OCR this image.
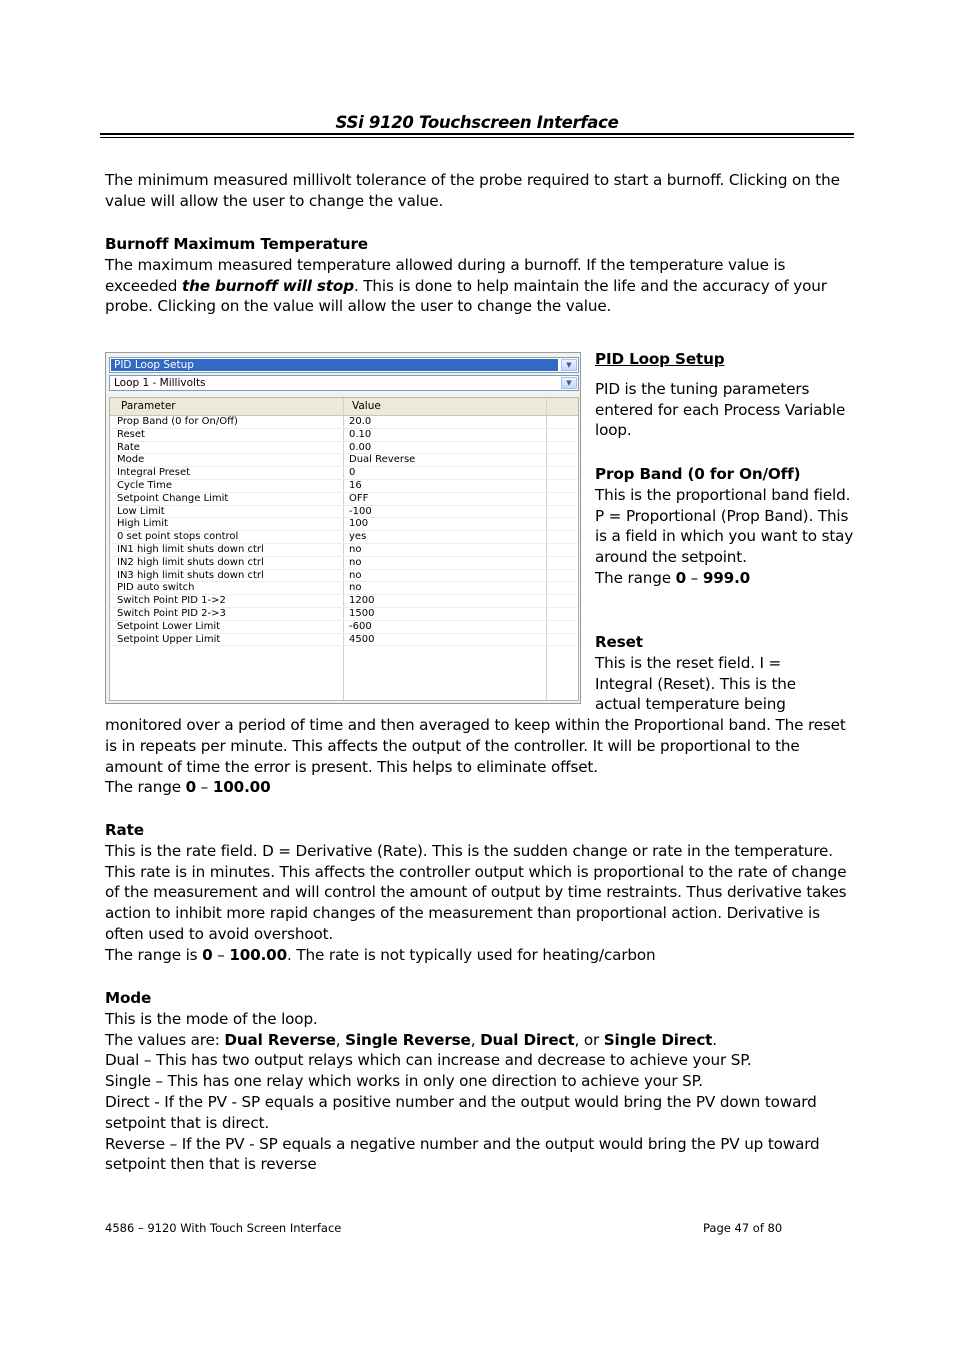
SSi 9120 Touchscreen Interface
The minimum measured millivolt tolerance of the probe required to start a burnoff. Clicking on the value will allow the user to change the value.

Burnoff Maximum Temperature

The maximum measured temperature allowed during a burnoff. If the temperature value is exceeded the burnoff will stop. This is done to help maintain the life and the accuracy of your probe. Clicking on the value will allow the user to change the value.

PID Loop Setup	▼
Loop 1 - Millivolts	▼
Parameter	Value
Prop Band (0 for On/Off)	20.0
Reset	0.10
Rate	0.00
Mode	Dual Reverse
Integral Preset	0
Cycle Time	16
Setpoint Change Limit	OFF
Low Limit	-100
High Limit	100
0 set point stops control	yes
IN1 high limit shuts down ctrl	no
IN2 high limit shuts down ctrl	no
IN3 high limit shuts down ctrl	no
PID auto switch	no
Switch Point PID 1->2	1200
Switch Point PID 2->3	1500
Setpoint Lower Limit	-600
Setpoint Upper Limit	4500

PID Loop Setup

PID is the tuning parameters entered for each Process Variable loop.

Prop Band (0 for On/Off)

This is the proportional band field. P = Proportional (Prop Band). This is a field in which you want to stay around the setpoint.

The range 0 – 999.0

Reset

This is the reset field. I =

Integral (Reset). This is the

actual temperature being

monitored over a period of time and then averaged to keep within the Proportional band. The reset is in repeats per minute. This affects the output of the controller. It will be proportional to the amount of time the error is present. This helps to eliminate offset.

The range 0 – 100.00

Rate

This is the rate field. D = Derivative (Rate). This is the sudden change or rate in the temperature. This rate is in minutes. This affects the controller output which is proportional to the rate of change of the measurement and will control the amount of output by time restraints. Thus derivative takes action to inhibit more rapid changes of the measurement than proportional action. Derivative is often used to avoid overshoot.

The range is 0 – 100.00. The rate is not typically used for heating/carbon

Mode

This is the mode of the loop.

The values are: Dual Reverse, Single Reverse, Dual Direct, or Single Direct.

Dual – This has two output relays which can increase and decrease to achieve your SP.

Single – This has one relay which works in only one direction to achieve your SP.

Direct - If the PV - SP equals a positive number and the output would bring the PV down toward setpoint that is direct.

Reverse – If the PV - SP equals a negative number and the output would bring the PV up toward setpoint then that is reverse

4586 – 9120 With Touch Screen Interface	Page 47 of 80
